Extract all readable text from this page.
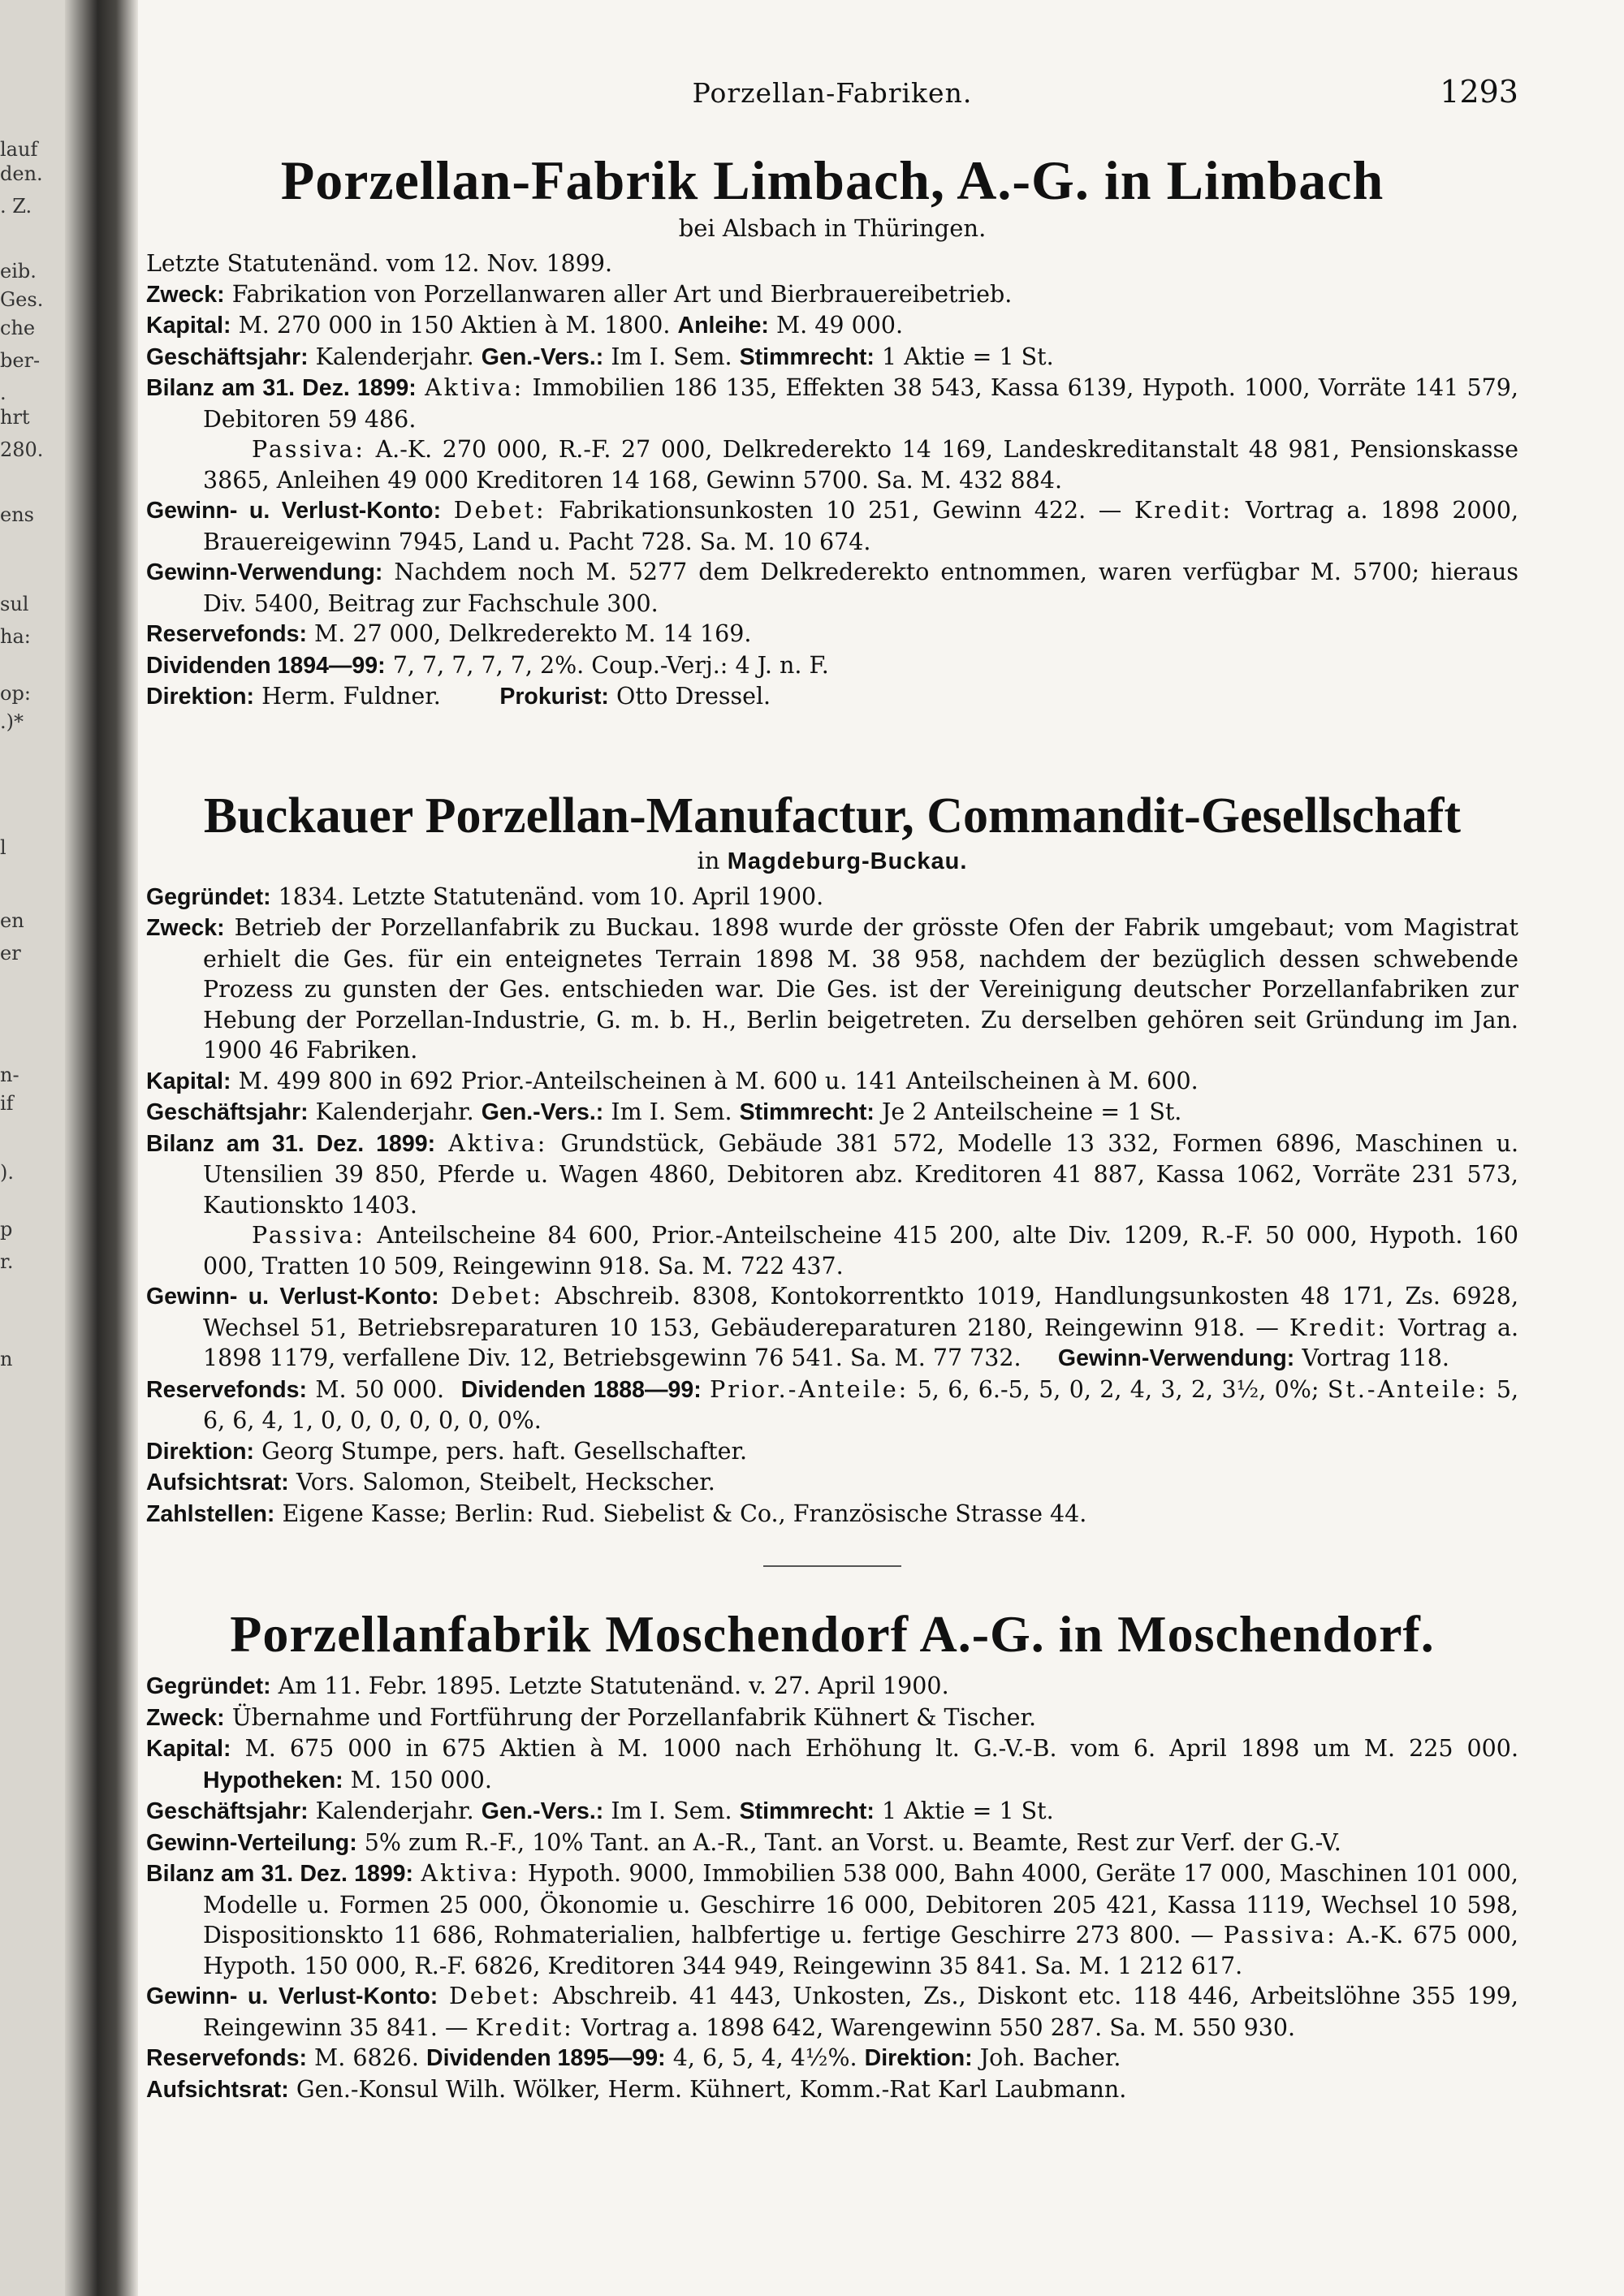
lauf
den.
. Z.
eib.
Ges.
che
ber-
.
hrt
280.
ens
sul
ha:
op:
.)*
l
en
er
n-
if
).
p
r.
n
Porzellan-Fabriken.	1293
Porzellan-Fabrik Limbach, A.-G. in Limbach
bei Alsbach in Thüringen.
Letzte Statutenänd. vom 12. Nov. 1899.
Zweck: Fabrikation von Porzellanwaren aller Art und Bierbrauereibetrieb.
Kapital: M. 270 000 in 150 Aktien à M. 1800. Anleihe: M. 49 000.
Geschäftsjahr: Kalenderjahr. Gen.-Vers.: Im I. Sem. Stimmrecht: 1 Aktie = 1 St.
Bilanz am 31. Dez. 1899: Aktiva: Immobilien 186 135, Effekten 38 543, Kassa 6139, Hypoth. 1000, Vorräte 141 579, Debitoren 59 486.
Passiva: A.-K. 270 000, R.-F. 27 000, Delkrederekto 14 169, Landeskreditanstalt 48 981, Pensionskasse 3865, Anleihen 49 000 Kreditoren 14 168, Gewinn 5700. Sa. M. 432 884.
Gewinn- u. Verlust-Konto: Debet: Fabrikationsunkosten 10 251, Gewinn 422. — Kredit: Vortrag a. 1898 2000, Brauereigewinn 7945, Land u. Pacht 728. Sa. M. 10 674.
Gewinn-Verwendung: Nachdem noch M. 5277 dem Delkrederekto entnommen, waren verfügbar M. 5700; hieraus Div. 5400, Beitrag zur Fachschule 300.
Reservefonds: M. 27 000, Delkrederekto M. 14 169.
Dividenden 1894—99: 7, 7, 7, 7, 7, 2%. Coup.-Verj.: 4 J. n. F.
Direktion: Herm. Fuldner.	Prokurist: Otto Dressel.
Buckauer Porzellan-Manufactur, Commandit-Gesellschaft
in Magdeburg-Buckau.
Gegründet: 1834. Letzte Statutenänd. vom 10. April 1900.
Zweck: Betrieb der Porzellanfabrik zu Buckau. 1898 wurde der grösste Ofen der Fabrik umgebaut; vom Magistrat erhielt die Ges. für ein enteignetes Terrain 1898 M. 38 958, nachdem der bezüglich dessen schwebende Prozess zu gunsten der Ges. entschieden war. Die Ges. ist der Vereinigung deutscher Porzellanfabriken zur Hebung der Porzellan-Industrie, G. m. b. H., Berlin beigetreten. Zu derselben gehören seit Gründung im Jan. 1900 46 Fabriken.
Kapital: M. 499 800 in 692 Prior.-Anteilscheinen à M. 600 u. 141 Anteilscheinen à M. 600.
Geschäftsjahr: Kalenderjahr. Gen.-Vers.: Im I. Sem. Stimmrecht: Je 2 Anteilscheine = 1 St.
Bilanz am 31. Dez. 1899: Aktiva: Grundstück, Gebäude 381 572, Modelle 13 332, Formen 6896, Maschinen u. Utensilien 39 850, Pferde u. Wagen 4860, Debitoren abz. Kreditoren 41 887, Kassa 1062, Vorräte 231 573, Kautionskto 1403.
Passiva: Anteilscheine 84 600, Prior.-Anteilscheine 415 200, alte Div. 1209, R.-F. 50 000, Hypoth. 160 000, Tratten 10 509, Reingewinn 918. Sa. M. 722 437.
Gewinn- u. Verlust-Konto: Debet: Abschreib. 8308, Kontokorrentkto 1019, Handlungsunkosten 48 171, Zs. 6928, Wechsel 51, Betriebsreparaturen 10 153, Gebäudereparaturen 2180, Reingewinn 918. — Kredit: Vortrag a. 1898 1179, verfallene Div. 12, Betriebsgewinn 76 541. Sa. M. 77 732. Gewinn-Verwendung: Vortrag 118.
Reservefonds: M. 50 000. Dividenden 1888—99: Prior.-Anteile: 5, 6, 6.-5, 5, 0, 2, 4, 3, 2, 3½, 0%; St.-Anteile: 5, 6, 6, 4, 1, 0, 0, 0, 0, 0, 0, 0%.
Direktion: Georg Stumpe, pers. haft. Gesellschafter.
Aufsichtsrat: Vors. Salomon, Steibelt, Heckscher.
Zahlstellen: Eigene Kasse; Berlin: Rud. Siebelist & Co., Französische Strasse 44.
Porzellanfabrik Moschendorf A.-G. in Moschendorf.
Gegründet: Am 11. Febr. 1895. Letzte Statutenänd. v. 27. April 1900.
Zweck: Übernahme und Fortführung der Porzellanfabrik Kühnert & Tischer.
Kapital: M. 675 000 in 675 Aktien à M. 1000 nach Erhöhung lt. G.-V.-B. vom 6. April 1898 um M. 225 000. Hypotheken: M. 150 000.
Geschäftsjahr: Kalenderjahr. Gen.-Vers.: Im I. Sem. Stimmrecht: 1 Aktie = 1 St.
Gewinn-Verteilung: 5% zum R.-F., 10% Tant. an A.-R., Tant. an Vorst. u. Beamte, Rest zur Verf. der G.-V.
Bilanz am 31. Dez. 1899: Aktiva: Hypoth. 9000, Immobilien 538 000, Bahn 4000, Geräte 17 000, Maschinen 101 000, Modelle u. Formen 25 000, Ökonomie u. Geschirre 16 000, Debitoren 205 421, Kassa 1119, Wechsel 10 598, Dispositionskto 11 686, Rohmaterialien, halbfertige u. fertige Geschirre 273 800. — Passiva: A.-K. 675 000, Hypoth. 150 000, R.-F. 6826, Kreditoren 344 949, Reingewinn 35 841. Sa. M. 1 212 617.
Gewinn- u. Verlust-Konto: Debet: Abschreib. 41 443, Unkosten, Zs., Diskont etc. 118 446, Arbeitslöhne 355 199, Reingewinn 35 841. — Kredit: Vortrag a. 1898 642, Warengewinn 550 287. Sa. M. 550 930.
Reservefonds: M. 6826. Dividenden 1895—99: 4, 6, 5, 4, 4½%. Direktion: Joh. Bacher.
Aufsichtsrat: Gen.-Konsul Wilh. Wölker, Herm. Kühnert, Komm.-Rat Karl Laubmann.
